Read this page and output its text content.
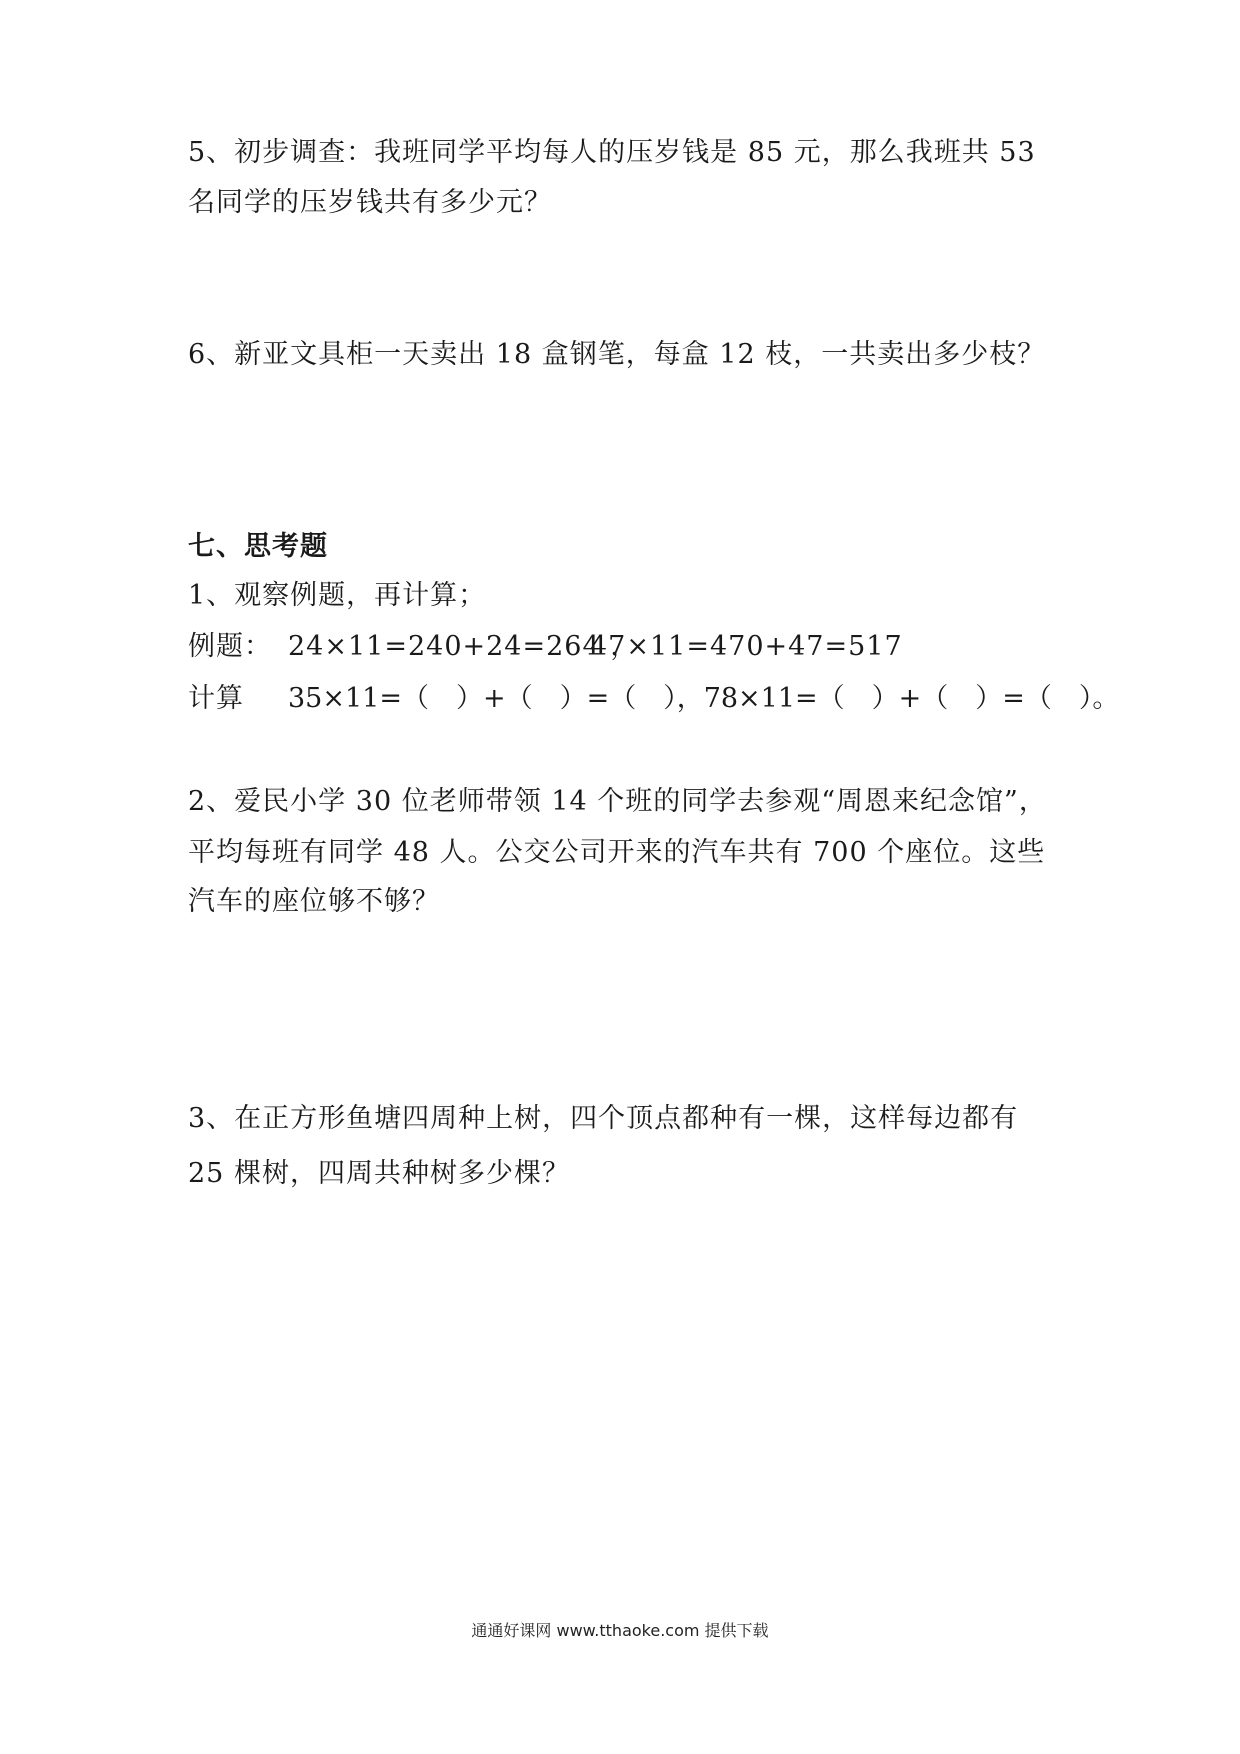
5、初步调查：我班同学平均每人的压岁钱是 85 元，那么我班共 53
名同学的压岁钱共有多少元？
6、新亚文具柜一天卖出 18 盒钢笔，每盒 12 枝，一共卖出多少枝？
七、思考题
1、观察例题，再计算；
例题： 24×11=240+24=264 ，
47×11=470+47=517
计算 35×11=（　）+（　）=（　），78×11=（　）+（　）=（　）。
2、爱民小学 30 位老师带领 14 个班的同学去参观“周恩来纪念馆”，
平均每班有同学 48 人。公交公司开来的汽车共有 700 个座位。这些
汽车的座位够不够？
3、在正方形鱼塘四周种上树，四个顶点都种有一棵，这样每边都有
25 棵树，四周共种树多少棵？
通通好课网 www.tthaoke.com 提供下载
